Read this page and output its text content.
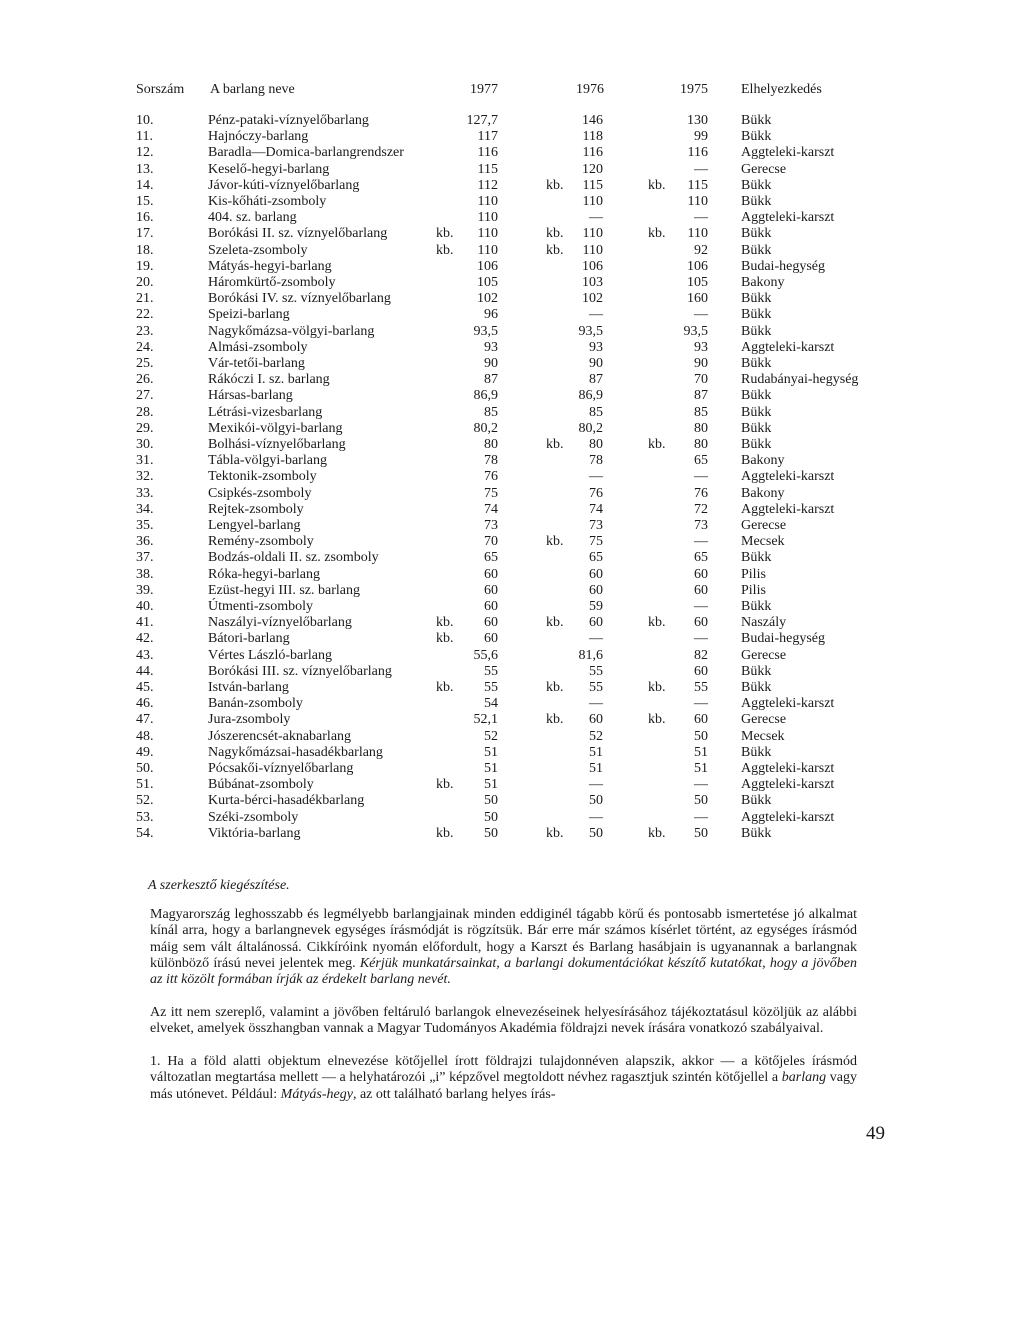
Sorszám A barlang neve	1977	1976	1975 Elhelyezkedés
10.	Pénz-pataki-víznyelőbarlang	127,7	146	130 Bükk
11.	Hajnóczy-barlang	117	118	99 Bükk
12.	Baradla—Domica-barlangrendszer	116	116	116 Aggteleki-karszt
13.	Keselő-hegyi-barlang	115	120	— Gerecse
14.	Jávor-kúti-víznyelőbarlang	112	kb.	115	kb.	115 Bükk
15.	Kis-kőháti-zsomboly	110	110	110 Bükk
16.	404. sz. barlang	110	—	— Aggteleki-karszt
17.	Borókási II. sz. víznyelőbarlang	kb.	110	kb.	110	kb.	110 Bükk
18.	Szeleta-zsomboly	kb.	110	kb.	110	92 Bükk
19.	Mátyás-hegyi-barlang	106	106	106 Budai-hegység
20.	Háromkürtő-zsomboly	105	103	105 Bakony
21.	Borókási IV. sz. víznyelőbarlang	102	102	160 Bükk
22.	Speizi-barlang	96	—	— Bükk
23.	Nagykőmázsa-völgyi-barlang	93,5	93,5	93,5 Bükk
24.	Almási-zsomboly	93	93	93 Aggteleki-karszt
25.	Vár-tetői-barlang	90	90	90 Bükk
26.	Rákóczi I. sz. barlang	87	87	70 Rudabányai-hegység
27.	Hársas-barlang	86,9	86,9	87 Bükk
28.	Létrási-vizesbarlang	85	85	85 Bükk
29.	Mexikói-völgyi-barlang	80,2	80,2	80 Bükk
30.	Bolhási-víznyelőbarlang	80	kb.	80	kb.	80 Bükk
31.	Tábla-völgyi-barlang	78	78	65 Bakony
32.	Tektonik-zsomboly	76	—	— Aggteleki-karszt
33.	Csipkés-zsomboly	75	76	76 Bakony
34.	Rejtek-zsomboly	74	74	72 Aggteleki-karszt
35.	Lengyel-barlang	73	73	73 Gerecse
36.	Remény-zsomboly	70	kb.	75	— Mecsek
37.	Bodzás-oldali II. sz. zsomboly	65	65	65 Bükk
38.	Róka-hegyi-barlang	60	60	60 Pilis
39.	Ezüst-hegyi III. sz. barlang	60	60	60 Pilis
40.	Útmenti-zsomboly	60	59	— Bükk
41.	Naszályi-víznyelőbarlang	kb.	60	kb.	60	kb.	60 Naszály
42.	Bátori-barlang	kb.	60	—	— Budai-hegység
43.	Vértes László-barlang	55,6	81,6	82 Gerecse
44.	Borókási III. sz. víznyelőbarlang	55	55	60 Bükk
45.	István-barlang	kb.	55	kb.	55	kb.	55 Bükk
46.	Banán-zsomboly	54	—	— Aggteleki-karszt
47.	Jura-zsomboly	52,1	kb.	60	kb.	60 Gerecse
48.	Jószerencsét-aknabarlang	52	52	50 Mecsek
49.	Nagykőmázsai-hasadékbarlang	51	51	51 Bükk
50.	Pócsakői-víznyelőbarlang	51	51	51 Aggteleki-karszt
51.	Búbánat-zsomboly	kb.	51	—	— Aggteleki-karszt
52.	Kurta-bérci-hasadékbarlang	50	50	50 Bükk
53.	Széki-zsomboly	50	—	— Aggteleki-karszt
54.	Viktória-barlang	kb.	50	kb.	50	kb.	50 Bükk
A szerkesztő kiegészítése.
Magyarország leghosszabb és legmélyebb barlangjainak minden eddiginél tágabb körű és pontosabb ismertetése jó alkalmat kínál arra, hogy a barlangnevek egységes írásmódját is rögzítsük. Bár erre már számos kísérlet történt, az egységes írásmód máig sem vált általánossá. Cikkíróink nyomán előfordult, hogy a Karszt és Barlang hasábjain is ugyanannak a barlangnak különböző írású nevei jelentek meg. Kérjük munkatársainkat, a barlangi dokumentációkat készítő kutatókat, hogy a jövőben az itt közölt formában írják az érdekelt barlang nevét.
Az itt nem szereplő, valamint a jövőben feltáruló barlangok elnevezéseinek helyesírásához tájékoztatásul közöljük az alábbi elveket, amelyek összhangban vannak a Magyar Tudományos Akadémia földrajzi nevek írására vonatkozó szabályaival.
1. Ha a föld alatti objektum elnevezése kötőjellel írott földrajzi tulajdonnéven alapszik, akkor — a kötőjeles írásmód változatlan megtartása mellett — a helyhatározói „i” képzővel megtoldott névhez ragasztjuk szintén kötőjellel a barlang vagy más utónevet. Például: Mátyás-hegy, az ott található barlang helyes írás-
49
